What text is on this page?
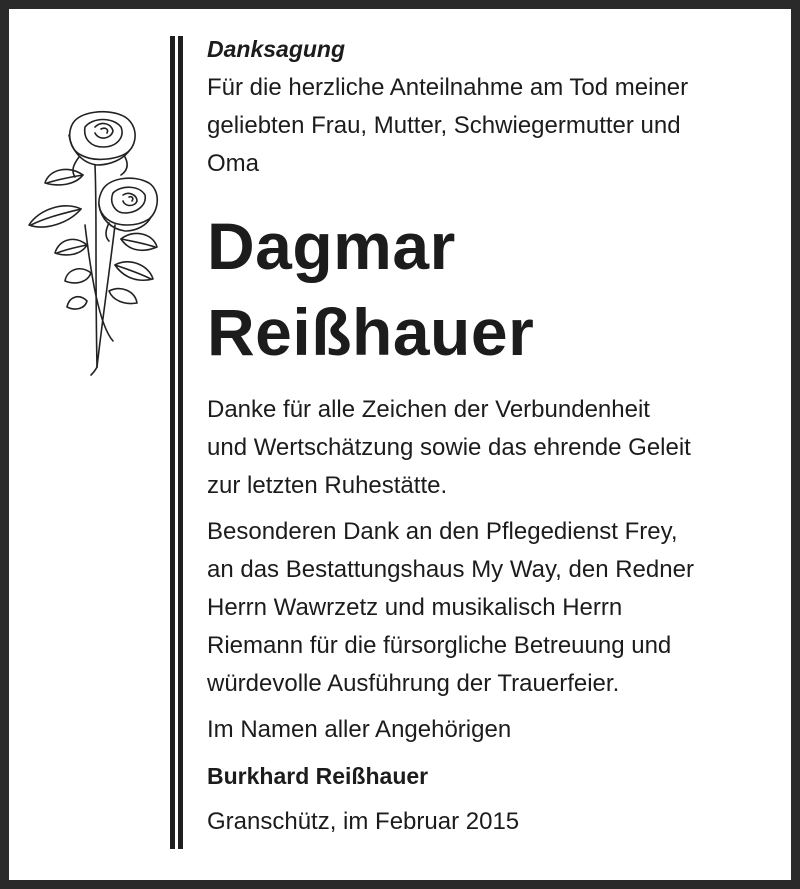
Danksagung

Für die herzliche Anteilnahme am Tod meiner

geliebten Frau, Mutter, Schwiegermutter und

Oma

Dagmar
Reißhauer

Danke für alle Zeichen der Verbundenheit

und Wertschätzung sowie das ehrende Geleit

zur letzten Ruhestätte.

Besonderen Dank an den Pflegedienst Frey,

an das Bestattungshaus My Way, den Redner

Herrn Wawrzetz und musikalisch Herrn

Riemann für die fürsorgliche Betreuung und

würdevolle Ausführung der Trauerfeier.

Im Namen aller Angehörigen

Burkhard Reißhauer

Granschütz, im Februar 2015
